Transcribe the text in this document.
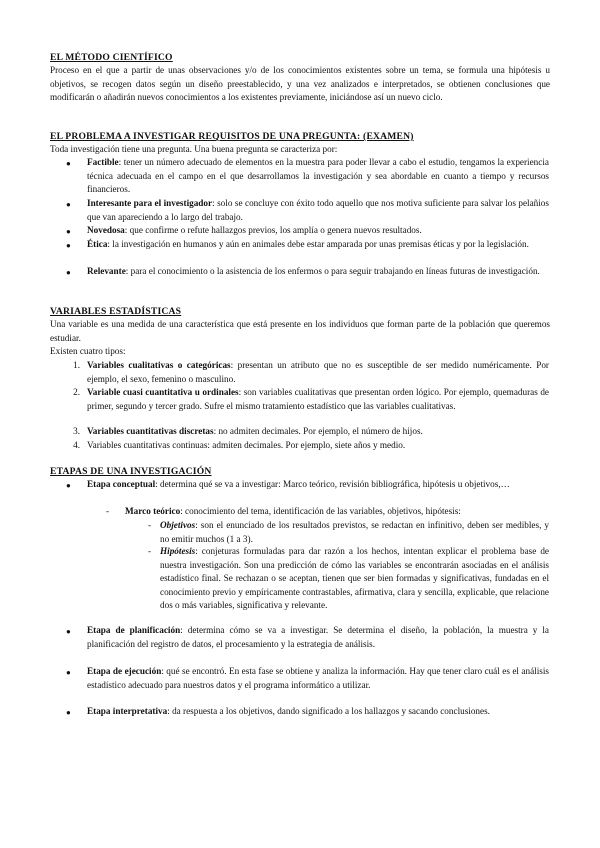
EL MÉTODO CIENTÍFICO

Proceso en el que a partir de unas observaciones y/o de los conocimientos existentes sobre un tema, se formula una hipótesis u objetivos, se recogen datos según un diseño preestablecido, y una vez analizados e interpretados, se obtienen conclusiones que modificarán o añadirán nuevos conocimientos a los existentes previamente, iniciándose así un nuevo ciclo.

EL PROBLEMA A INVESTIGAR REQUISITOS DE UNA PREGUNTA: (EXAMEN)

Toda investigación tiene una pregunta. Una buena pregunta se caracteriza por:

● Factible: tener un número adecuado de elementos en la muestra para poder llevar a cabo el estudio, tengamos la experiencia técnica adecuada en el campo en el que desarrollamos la investigación y sea abordable en cuanto a tiempo y recursos financieros.

● Interesante para el investigador: solo se concluye con éxito todo aquello que nos motiva suficiente para salvar los pelañios que van apareciendo a lo largo del trabajo.

● Novedosa: que confirme o refute hallazgos previos, los amplía o genera nuevos resultados.

● Ética: la investigación en humanos y aún en animales debe estar amparada por unas premisas éticas y por la legislación.

● Relevante: para el conocimiento o la asistencia de los enfermos o para seguir trabajando en líneas futuras de investigación.

VARIABLES ESTADÍSTICAS

Una variable es una medida de una característica que está presente en los individuos que forman parte de la población que queremos estudiar.

Existen cuatro tipos:

1. Variables cualitativas o categóricas: presentan un atributo que no es susceptible de ser medido numéricamente. Por ejemplo, el sexo, femenino o masculino.

2. Variable cuasi cuantitativa u ordinales: son variables cualitativas que presentan orden lógico. Por ejemplo, quemaduras de primer, segundo y tercer grado. Sufre el mismo tratamiento estadístico que las variables cualitativas.

3. Variables cuantitativas discretas: no admiten decimales. Por ejemplo, el número de hijos.

4. Variables cuantitativas continuas: admiten decimales. Por ejemplo, siete años y medio.

ETAPAS DE UNA INVESTIGACIÓN
● Etapa conceptual: determina qué se va a investigar: Marco teórico, revisión bibliográfica, hipótesis u objetivos,…

- Marco teórico: conocimiento del tema, identificación de las variables, objetivos, hipótesis:

- Objetivos: son el enunciado de los resultados previstos, se redactan en infinitivo, deben ser medibles, y no emitir muchos (1 a 3).

- Hipótesis: conjeturas formuladas para dar razón a los hechos, intentan explicar el problema base de nuestra investigación. Son una predicción de cómo las variables se encontrarán asociadas en el análisis estadístico final. Se rechazan o se aceptan, tienen que ser bien formadas y significativas, fundadas en el conocimiento previo y empíricamente contrastables, afirmativa, clara y sencilla, explicable, que relacione dos o más variables, significativa y relevante.

● Etapa de planificación: determina cómo se va a investigar. Se determina el diseño, la población, la muestra y la planificación del registro de datos, el procesamiento y la estrategia de análisis.

● Etapa de ejecución: qué se encontró. En esta fase se obtiene y analiza la información. Hay que tener claro cuál es el análisis estadístico adecuado para nuestros datos y el programa informático a utilizar.

● Etapa interpretativa: da respuesta a los objetivos, dando significado a los hallazgos y sacando conclusiones.
